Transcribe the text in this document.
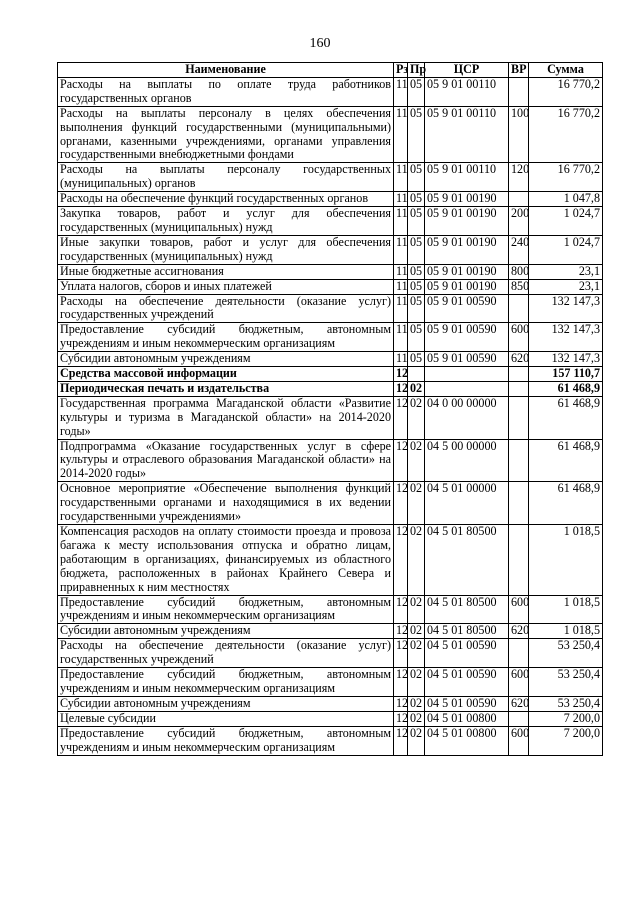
160
Наименование	Рз	Пр	ЦСР	ВР	Сумма
Расходы на выплаты по оплате труда работников государственных органов	11	05	05 9 01 00110		16 770,2
Расходы на выплаты персоналу в целях обеспечения выполнения функций государственными (муниципальными) органами, казенными учреждениями, органами управления государственными внебюджетными фондами	11	05	05 9 01 00110	100	16 770,2
Расходы на выплаты персоналу государственных (муниципальных) органов	11	05	05 9 01 00110	120	16 770,2
Расходы на обеспечение функций государственных органов	11	05	05 9 01 00190		1 047,8
Закупка товаров, работ и услуг для обеспечения государственных (муниципальных) нужд	11	05	05 9 01 00190	200	1 024,7
Иные закупки товаров, работ и услуг для обеспечения государственных (муниципальных) нужд	11	05	05 9 01 00190	240	1 024,7
Иные бюджетные ассигнования	11	05	05 9 01 00190	800	23,1
Уплата налогов, сборов и иных платежей	11	05	05 9 01 00190	850	23,1
Расходы на обеспечение деятельности (оказание услуг) государственных учреждений	11	05	05 9 01 00590		132 147,3
Предоставление субсидий бюджетным, автономным учреждениям и иным некоммерческим организациям	11	05	05 9 01 00590	600	132 147,3
Субсидии автономным учреждениям	11	05	05 9 01 00590	620	132 147,3
Средства массовой информации	12				157 110,7
Периодическая печать и издательства	12	02			61 468,9
Государственная программа Магаданской области «Развитие культуры и туризма в Магаданской области» на 2014-2020 годы»	12	02	04 0 00 00000		61 468,9
Подпрограмма «Оказание государственных услуг в сфере культуры и отраслевого образования Магаданской области» на 2014-2020 годы»	12	02	04 5 00 00000		61 468,9
Основное мероприятие «Обеспечение выполнения функций государственными органами и находящимися в их ведении государственными учреждениями»	12	02	04 5 01 00000		61 468,9
Компенсация расходов на оплату стоимости проезда и провоза багажа к месту использования отпуска и обратно лицам, работающим в организациях, финансируемых из областного бюджета, расположенных в районах Крайнего Севера и приравненных к ним местностях	12	02	04 5 01 80500		1 018,5
Предоставление субсидий бюджетным, автономным учреждениям и иным некоммерческим организациям	12	02	04 5 01 80500	600	1 018,5
Субсидии автономным учреждениям	12	02	04 5 01 80500	620	1 018,5
Расходы на обеспечение деятельности (оказание услуг) государственных учреждений	12	02	04 5 01 00590		53 250,4
Предоставление субсидий бюджетным, автономным учреждениям и иным некоммерческим организациям	12	02	04 5 01 00590	600	53 250,4
Субсидии автономным учреждениям	12	02	04 5 01 00590	620	53 250,4
Целевые субсидии	12	02	04 5 01 00800		7 200,0
Предоставление субсидий бюджетным, автономным учреждениям и иным некоммерческим организациям	12	02	04 5 01 00800	600	7 200,0
